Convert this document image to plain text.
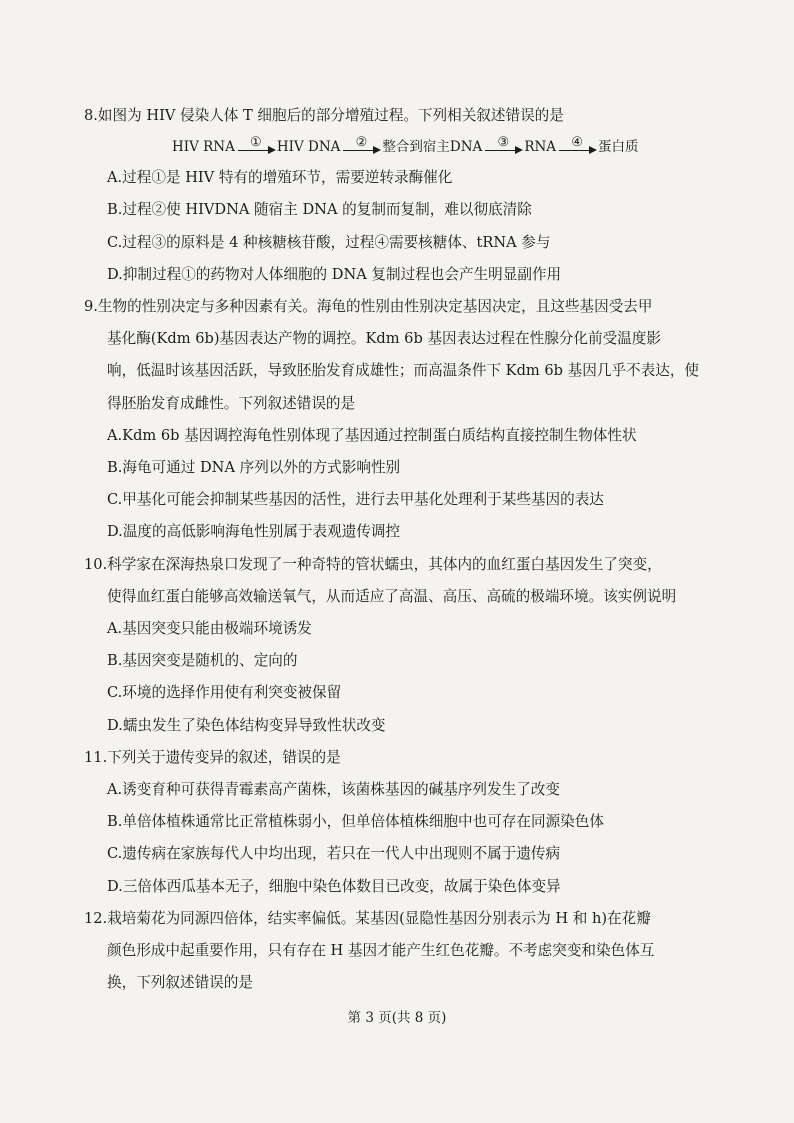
8.如图为 HIV 侵染人体 T 细胞后的部分增殖过程。下列相关叙述错误的是
HIV RNA ① HIV DNA ② 整合到宿主DNA ③ RNA ④ 蛋白质
A.过程①是 HIV 特有的增殖环节，需要逆转录酶催化
B.过程②使 HIVDNA 随宿主 DNA 的复制而复制，难以彻底清除
C.过程③的原料是 4 种核糖核苷酸，过程④需要核糖体、tRNA 参与
D.抑制过程①的药物对人体细胞的 DNA 复制过程也会产生明显副作用
9.生物的性别决定与多种因素有关。海龟的性别由性别决定基因决定，且这些基因受去甲
基化酶(Kdm 6b)基因表达产物的调控。Kdm 6b 基因表达过程在性腺分化前受温度影
响，低温时该基因活跃，导致胚胎发育成雄性；而高温条件下 Kdm 6b 基因几乎不表达，使
得胚胎发育成雌性。下列叙述错误的是
A.Kdm 6b 基因调控海龟性别体现了基因通过控制蛋白质结构直接控制生物体性状
B.海龟可通过 DNA 序列以外的方式影响性别
C.甲基化可能会抑制某些基因的活性，进行去甲基化处理利于某些基因的表达
D.温度的高低影响海龟性别属于表观遗传调控
10.科学家在深海热泉口发现了一种奇特的管状蠕虫，其体内的血红蛋白基因发生了突变，
使得血红蛋白能够高效输送氧气，从而适应了高温、高压、高硫的极端环境。该实例说明
A.基因突变只能由极端环境诱发
B.基因突变是随机的、定向的
C.环境的选择作用使有利突变被保留
D.蠕虫发生了染色体结构变异导致性状改变
11.下列关于遗传变异的叙述，错误的是
A.诱变育种可获得青霉素高产菌株，该菌株基因的碱基序列发生了改变
B.单倍体植株通常比正常植株弱小，但单倍体植株细胞中也可存在同源染色体
C.遗传病在家族每代人中均出现，若只在一代人中出现则不属于遗传病
D.三倍体西瓜基本无子，细胞中染色体数目已改变，故属于染色体变异
12.栽培菊花为同源四倍体，结实率偏低。某基因(显隐性基因分别表示为 H 和 h)在花瓣
颜色形成中起重要作用，只有存在 H 基因才能产生红色花瓣。不考虑突变和染色体互
换，下列叙述错误的是
第 3 页(共 8 页)
